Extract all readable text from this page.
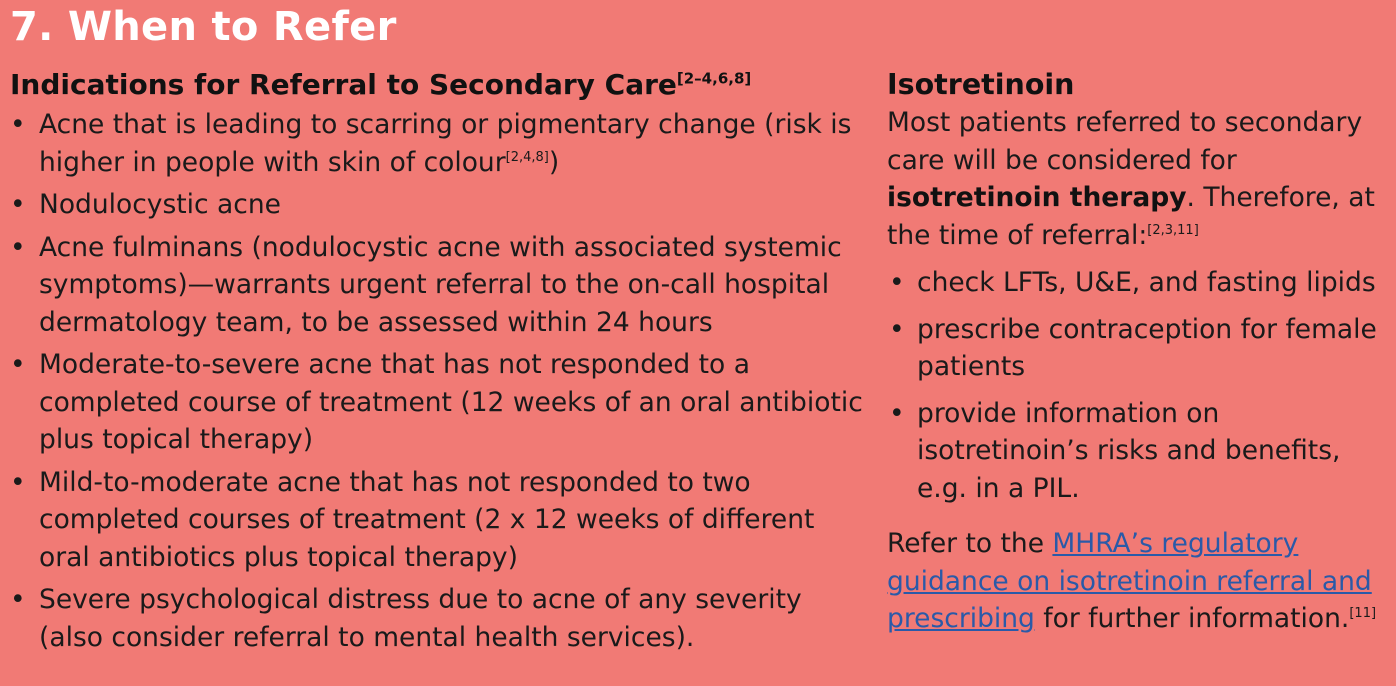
7. When to Refer
Indications for Referral to Secondary Care[2–4,6,8]
• Acne that is leading to scarring or pigmentary change (risk is higher in people with skin of colour[2,4,8])
• Nodulocystic acne
• Acne fulminans (nodulocystic acne with associated systemic symptoms)—warrants urgent referral to the on-call hospital dermatology team, to be assessed within 24 hours
• Moderate-to-severe acne that has not responded to a completed course of treatment (12 weeks of an oral antibiotic plus topical therapy)
• Mild-to-moderate acne that has not responded to two completed courses of treatment (2 x 12 weeks of different oral antibiotics plus topical therapy)
• Severe psychological distress due to acne of any severity (also consider referral to mental health services).
Isotretinoin
Most patients referred to secondary care will be considered for isotretinoin therapy. Therefore, at the time of referral:[2,3,11]
• check LFTs, U&E, and fasting lipids
• prescribe contraception for female patients
• provide information on isotretinoin’s risks and benefits, e.g. in a PIL.
Refer to the MHRA’s regulatory guidance on isotretinoin referral and prescribing for further information.[11]
